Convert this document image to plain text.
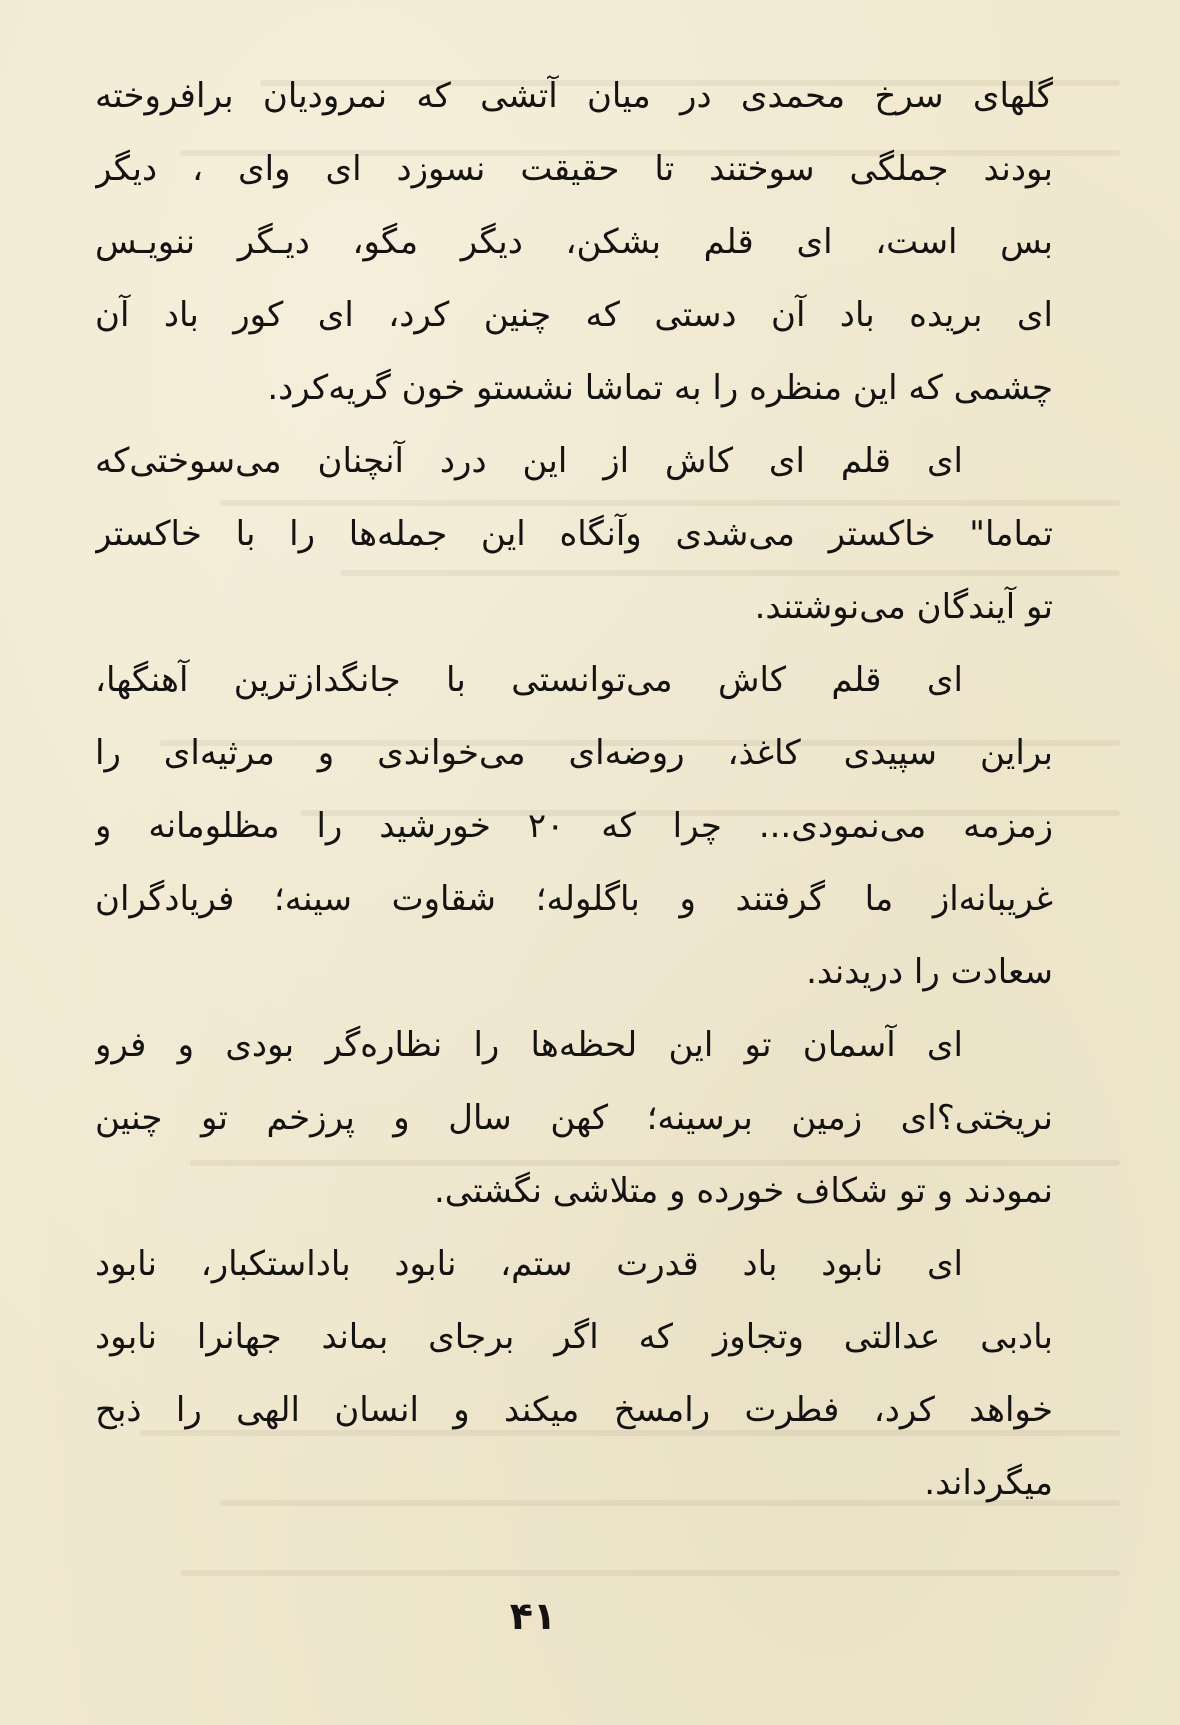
گلهای سرخ محمدی در میان آتشی که نمرودیان برافروخته
بودند جملگی سوختند تا حقیقت نسوزد ای وای ، دیگر
بس است، ای قلم بشکن، دیگر مگو، دیـگر ننویـس
ای بریده باد آن دستی که چنین کرد، ای کور باد آن
چشمی که این منظره را به تماشا نشستو خون گریه‌کرد.

ای قلم ای کاش از این درد آنچنان می‌سوختی‌که
تماما" خاکستر می‌شدی وآنگاه این جمله‌ها را با خاکستر
تو آیندگان می‌نوشتند.

ای قلم کاش می‌توانستی با جانگدازترین آهنگها،
براین سپیدی کاغذ، روضه‌ای می‌خواندی و مرثیه‌ای را
زمزمه می‌نمودی... چرا که ۲۰ خورشید را مظلومانه و
غریبانه‌از ما گرفتند و باگلوله؛ شقاوت سینه؛ فریادگران
سعادت را دریدند.

ای آسمان تو این لحظه‌ها را نظاره‌گر بودی و فرو
نریختی؟ای زمین برسینه؛ کهن سال و پرزخم تو چنین
نمودند و تو شکاف خورده و متلاشی نگشتی.

ای نابود باد قدرت ستم، نابود باداستکبار، نابود
بادبی عدالتی وتجاوز که اگر برجای بماند جهانرا نابود
خواهد کرد، فطرت رامسخ میکند و انسان الهی را ذبح
میگرداند.

۴۱
